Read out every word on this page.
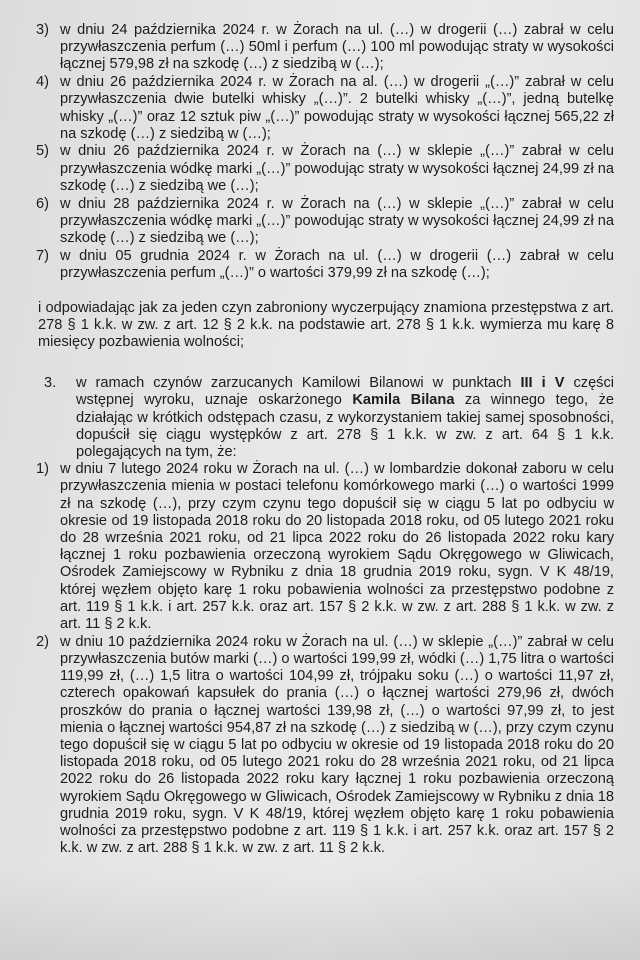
3) w dniu 24 października 2024 r. w Żorach na ul. (…) w drogerii (…) zabrał w celu przywłaszczenia perfum (…) 50ml i perfum (…) 100 ml powodując straty w wysokości łącznej 579,98 zł na szkodę (…) z siedzibą w (…);
4) w dniu 26 października 2024 r. w Żorach na al. (…) w drogerii „(…)” zabrał w celu przywłaszczenia dwie butelki whisky „(…)”. 2 butelki whisky „(…)”, jedną butelkę whisky „(…)” oraz 12 sztuk piw „(…)” powodując straty w wysokości łącznej 565,22 zł na szkodę (…) z siedzibą w (…);
5) w dniu 26 października 2024 r. w Żorach na (…) w sklepie „(…)” zabrał w celu przywłaszczenia wódkę marki „(…)” powodując straty w wysokości łącznej 24,99 zł na szkodę (…) z siedzibą we (…);
6) w dniu 28 października 2024 r. w Żorach na (…) w sklepie „(…)” zabrał w celu przywłaszczenia wódkę marki „(…)” powodując straty w wysokości łącznej 24,99 zł na szkodę (…) z siedzibą we (…);
7) w dniu 05 grudnia 2024 r. w Żorach na ul. (…) w drogerii (…) zabrał w celu przywłaszczenia perfum „(…)” o wartości 379,99 zł na szkodę (…);

i odpowiadając jak za jeden czyn zabroniony wyczerpujący znamiona przestępstwa z art. 278 § 1 k.k. w zw. z art. 12 § 2 k.k. na podstawie art. 278 § 1 k.k. wymierza mu karę 8 miesięcy pozbawienia wolności;

3. w ramach czynów zarzucanych Kamilowi Bilanowi w punktach III i V części wstępnej wyroku, uznaje oskarżonego Kamila Bilana za winnego tego, że działając w krótkich odstępach czasu, z wykorzystaniem takiej samej sposobności, dopuścił się ciągu występków z art. 278 § 1 k.k. w zw. z art. 64 § 1 k.k. polegających na tym, że:
1) w dniu 7 lutego 2024 roku w Żorach na ul. (…) w lombardzie dokonał zaboru w celu przywłaszczenia mienia w postaci telefonu komórkowego marki (…) o wartości 1999 zł na szkodę (…), przy czym czynu tego dopuścił się w ciągu 5 lat po odbyciu w okresie od 19 listopada 2018 roku do 20 listopada 2018 roku, od 05 lutego 2021 roku do 28 września 2021 roku, od 21 lipca 2022 roku do 26 listopada 2022 roku kary łącznej 1 roku pozbawienia orzeczoną wyrokiem Sądu Okręgowego w Gliwicach, Ośrodek Zamiejscowy w Rybniku z dnia 18 grudnia 2019 roku, sygn. V K 48/19, której węzłem objęto karę 1 roku pobawienia wolności za przestępstwo podobne z art. 119 § 1 k.k. i art. 257 k.k. oraz art. 157 § 2 k.k. w zw. z art. 288 § 1 k.k. w zw. z art. 11 § 2 k.k.
2) w dniu 10 października 2024 roku w Żorach na ul. (…) w sklepie „(…)” zabrał w celu przywłaszczenia butów marki (…) o wartości 199,99 zł, wódki (…) 1,75 litra o wartości 119,99 zł, (…) 1,5 litra o wartości 104,99 zł, trójpaku soku (…) o wartości 11,97 zł, czterech opakowań kapsułek do prania (…) o łącznej wartości 279,96 zł, dwóch proszków do prania o łącznej wartości 139,98 zł, (…) o wartości 97,99 zł, to jest mienia o łącznej wartości 954,87 zł na szkodę (…) z siedzibą w (…), przy czym czynu tego dopuścił się w ciągu 5 lat po odbyciu w okresie od 19 listopada 2018 roku do 20 listopada 2018 roku, od 05 lutego 2021 roku do 28 września 2021 roku, od 21 lipca 2022 roku do 26 listopada 2022 roku kary łącznej 1 roku pozbawienia orzeczoną wyrokiem Sądu Okręgowego w Gliwicach, Ośrodek Zamiejscowy w Rybniku z dnia 18 grudnia 2019 roku, sygn. V K 48/19, której węzłem objęto karę 1 roku pobawienia wolności za przestępstwo podobne z art. 119 § 1 k.k. i art. 257 k.k. oraz art. 157 § 2 k.k. w zw. z art. 288 § 1 k.k. w zw. z art. 11 § 2 k.k.
